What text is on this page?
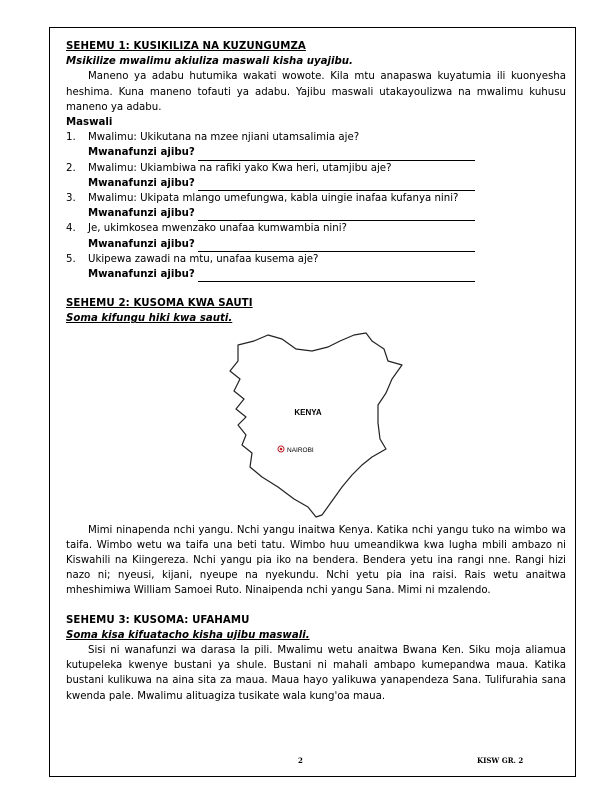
SEHEMU 1: KUSIKILIZA NA KUZUNGUMZA
Msikilize mwalimu akiuliza maswali kisha uyajibu.

Maneno ya adabu hutumika wakati wowote. Kila mtu anapaswa kuyatumia ili kuonyesha heshima. Kuna maneno tofauti ya adabu. Yajibu maswali utakayoulizwa na mwalimu kuhusu maneno ya adabu.

Maswali
1.	Mwalimu: Ukikutana na mzee njiani utamsalimia aje?
Mwanafunzi ajibu?
2.	Mwalimu: Ukiambiwa na rafiki yako Kwa heri, utamjibu aje?
Mwanafunzi ajibu?
3.	Mwalimu: Ukipata mlango umefungwa, kabla uingie inafaa kufanya nini?
Mwanafunzi ajibu?
4.	Je, ukimkosea mwenzako unafaa kumwambia nini?
Mwanafunzi ajibu?
5.	Ukipewa zawadi na mtu, unafaa kusema aje?
Mwanafunzi ajibu?
SEHEMU 2: KUSOMA KWA SAUTI
Soma kifungu hiki kwa sauti.
KENYA
NAIROBI

Mimi ninapenda nchi yangu. Nchi yangu inaitwa Kenya. Katika nchi yangu tuko na wimbo wa taifa. Wimbo wetu wa taifa una beti tatu. Wimbo huu umeandikwa kwa lugha mbili ambazo ni Kiswahili na Kiingereza. Nchi yangu pia iko na bendera. Bendera yetu ina rangi nne. Rangi hizi nazo ni; nyeusi, kijani, nyeupe na nyekundu. Nchi yetu pia ina raisi. Rais wetu anaitwa mheshimiwa William Samoei Ruto. Ninaipenda nchi yangu Sana. Mimi ni mzalendo.

SEHEMU 3: KUSOMA: UFAHAMU
Soma kisa kifuatacho kisha ujibu maswali.

Sisi ni wanafunzi wa darasa la pili. Mwalimu wetu anaitwa Bwana Ken. Siku moja aliamua kutupeleka kwenye bustani ya shule. Bustani ni mahali ambapo kumepandwa maua. Katika bustani kulikuwa na aina sita za maua. Maua hayo yalikuwa yanapendeza Sana. Tulifurahia sana kwenda pale. Mwalimu alituagiza tusikate wala kung'oa maua.

2	KISW GR. 2
